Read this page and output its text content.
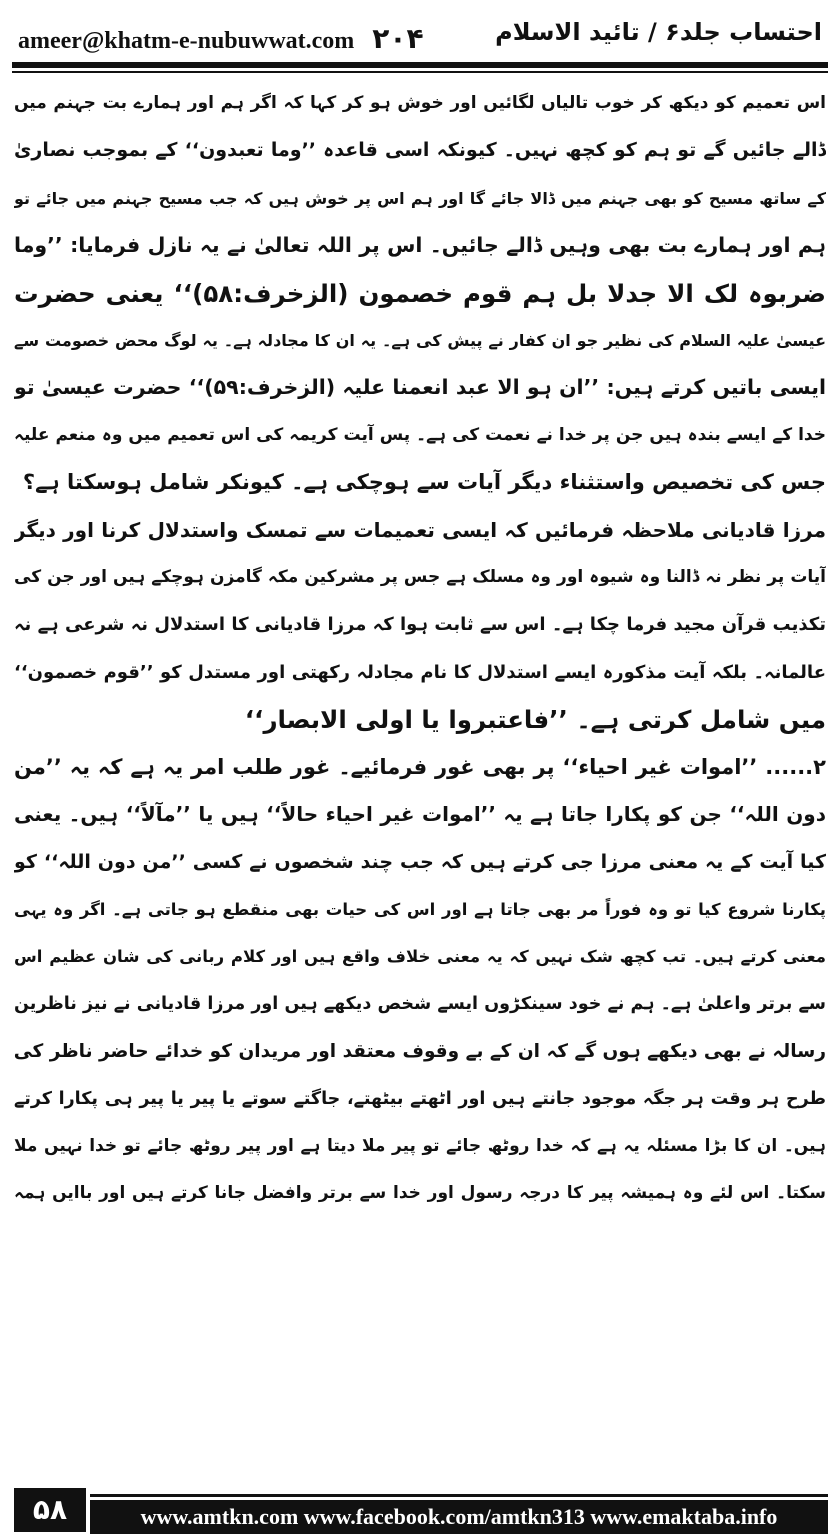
ameer@khatm-e-nubuwwat.com ۲۰۴	احتساب جلد۶ / تائید الاسلام
اس تعمیم کو دیکھ کر خوب تالیاں لگائیں اور خوش ہو کر کہا کہ اگر ہم اور ہمارے بت جہنم میں
ڈالے جائیں گے تو ہم کو کچھ نہیں۔ کیونکہ اسی قاعدہ ’’وما تعبدون‘‘ کے بموجب نصاریٰ
کے ساتھ مسیح کو بھی جہنم میں ڈالا جائے گا اور ہم اس پر خوش ہیں کہ جب مسیح جہنم میں جائے تو
ہم اور ہمارے بت بھی وہیں ڈالے جائیں۔ اس پر اللہ تعالیٰ نے یہ نازل فرمایا: ’’وما
ضربوہ لک الا جدلا بل ہم قوم خصمون (الزخرف:۵۸)‘‘ یعنی حضرت
عیسیٰ علیہ السلام کی نظیر جو ان کفار نے پیش کی ہے۔ یہ ان کا مجادلہ ہے۔ یہ لوگ محض خصومت سے
ایسی باتیں کرتے ہیں: ’’ان ہو الا عبد انعمنا علیہ (الزخرف:۵۹)‘‘ حضرت عیسیٰ تو
خدا کے ایسے بندہ ہیں جن پر خدا نے نعمت کی ہے۔ پس آیت کریمہ کی اس تعمیم میں وہ منعم علیہ
جس کی تخصیص واستثناء دیگر آیات سے ہوچکی ہے۔ کیونکر شامل ہوسکتا ہے؟
مرزا قادیانی ملاحظہ فرمائیں کہ ایسی تعمیمات سے تمسک واستدلال کرنا اور دیگر
آیات پر نظر نہ ڈالنا وہ شیوہ اور وہ مسلک ہے جس پر مشرکین مکہ گامزن ہوچکے ہیں اور جن کی
تکذیب قرآن مجید فرما چکا ہے۔ اس سے ثابت ہوا کہ مرزا قادیانی کا استدلال نہ شرعی ہے نہ
عالمانہ۔ بلکہ آیت مذکورہ ایسے استدلال کا نام مجادلہ رکھتی اور مستدل کو ’’قوم خصمون‘‘
میں شامل کرتی ہے۔ ’’فاعتبروا یا اولی الابصار‘‘
۲...... ’’اموات غیر احیاء‘‘ پر بھی غور فرمائیے۔ غور طلب امر یہ ہے کہ یہ ’’من
دون اللہ‘‘ جن کو پکارا جاتا ہے یہ ’’اموات غیر احیاء حالاً‘‘ ہیں یا ’’مآلاً‘‘ ہیں۔ یعنی
کیا آیت کے یہ معنی مرزا جی کرتے ہیں کہ جب چند شخصوں نے کسی ’’من دون اللہ‘‘ کو
پکارنا شروع کیا تو وہ فوراً مر بھی جاتا ہے اور اس کی حیات بھی منقطع ہو جاتی ہے۔ اگر وہ یہی
معنی کرتے ہیں۔ تب کچھ شک نہیں کہ یہ معنی خلاف واقع ہیں اور کلام ربانی کی شان عظیم اس
سے برتر واعلیٰ ہے۔ ہم نے خود سینکڑوں ایسے شخص دیکھے ہیں اور مرزا قادیانی نے نیز ناظرین
رسالہ نے بھی دیکھے ہوں گے کہ ان کے بے وقوف معتقد اور مریدان کو خدائے حاضر ناظر کی
طرح ہر وقت ہر جگہ موجود جانتے ہیں اور اٹھتے بیٹھتے، جاگتے سوتے یا پیر یا پیر ہی پکارا کرتے
ہیں۔ ان کا بڑا مسئلہ یہ ہے کہ خدا روٹھ جائے تو پیر ملا دیتا ہے اور پیر روٹھ جائے تو خدا نہیں ملا
سکتا۔ اس لئے وہ ہمیشہ پیر کا درجہ رسول اور خدا سے برتر وافضل جانا کرتے ہیں اور باایں ہمہ
۵۸	www.amtkn.com www.facebook.com/amtkn313 www.emaktaba.info
